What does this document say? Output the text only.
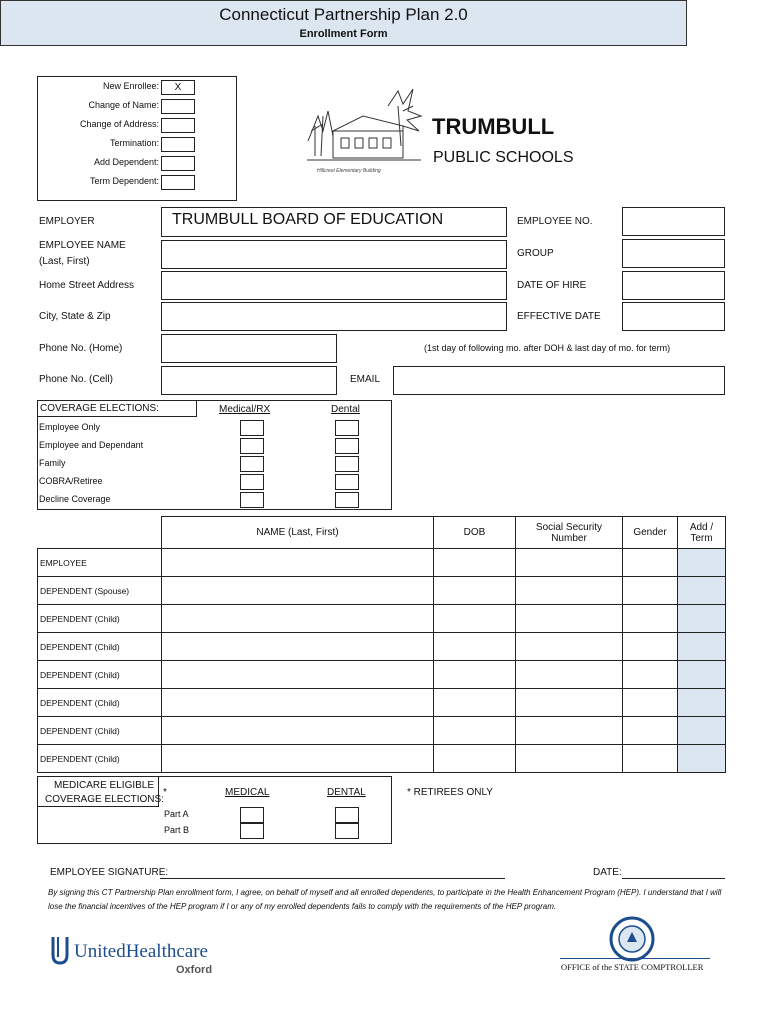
Connecticut Partnership Plan 2.0
Enrollment Form
New Enrollee:	X
Change of Name:
Change of Address:
Termination:
Add Dependent:
Term Dependent:
Hillcrest Elementary Building
TRUMBULL
PUBLIC SCHOOLS
EMPLOYER	TRUMBULL BOARD OF EDUCATION
EMPLOYEE NAME
(Last, First)
Home Street Address
City, State & Zip
Phone No. (Home)
Phone No. (Cell)	EMAIL
EMPLOYEE NO.
GROUP
DATE OF HIRE
EFFECTIVE DATE
(1st day of following mo. after DOH & last day of mo. for term)
COVERAGE ELECTIONS:	Medical/RX	Dental
Employee Only
Employee and Dependant
Family
COBRA/Retiree
Decline Coverage
	NAME (Last, First)	DOB	Social Security Number	Gender	Add / Term
EMPLOYEE					
DEPENDENT (Spouse)					
DEPENDENT (Child)					
DEPENDENT (Child)					
DEPENDENT (Child)					
DEPENDENT (Child)					
DEPENDENT (Child)					
DEPENDENT (Child)					
MEDICARE ELIGIBLE
COVERAGE ELECTIONS:
*	MEDICAL	DENTAL	* RETIREES ONLY
Part A
Part B
EMPLOYEE SIGNATURE:	DATE:
By signing this CT Partnership Plan enrollment form, I agree, on behalf of myself and all enrolled dependents, to participate in the Health Enhancement Program (HEP). I understand that I will lose the financial incentives of the HEP program if I or any of my enrolled dependents fails to comply with the requirements of the HEP program.
UnitedHealthcare
Oxford	OFFICE of the STATE COMPTROLLER
